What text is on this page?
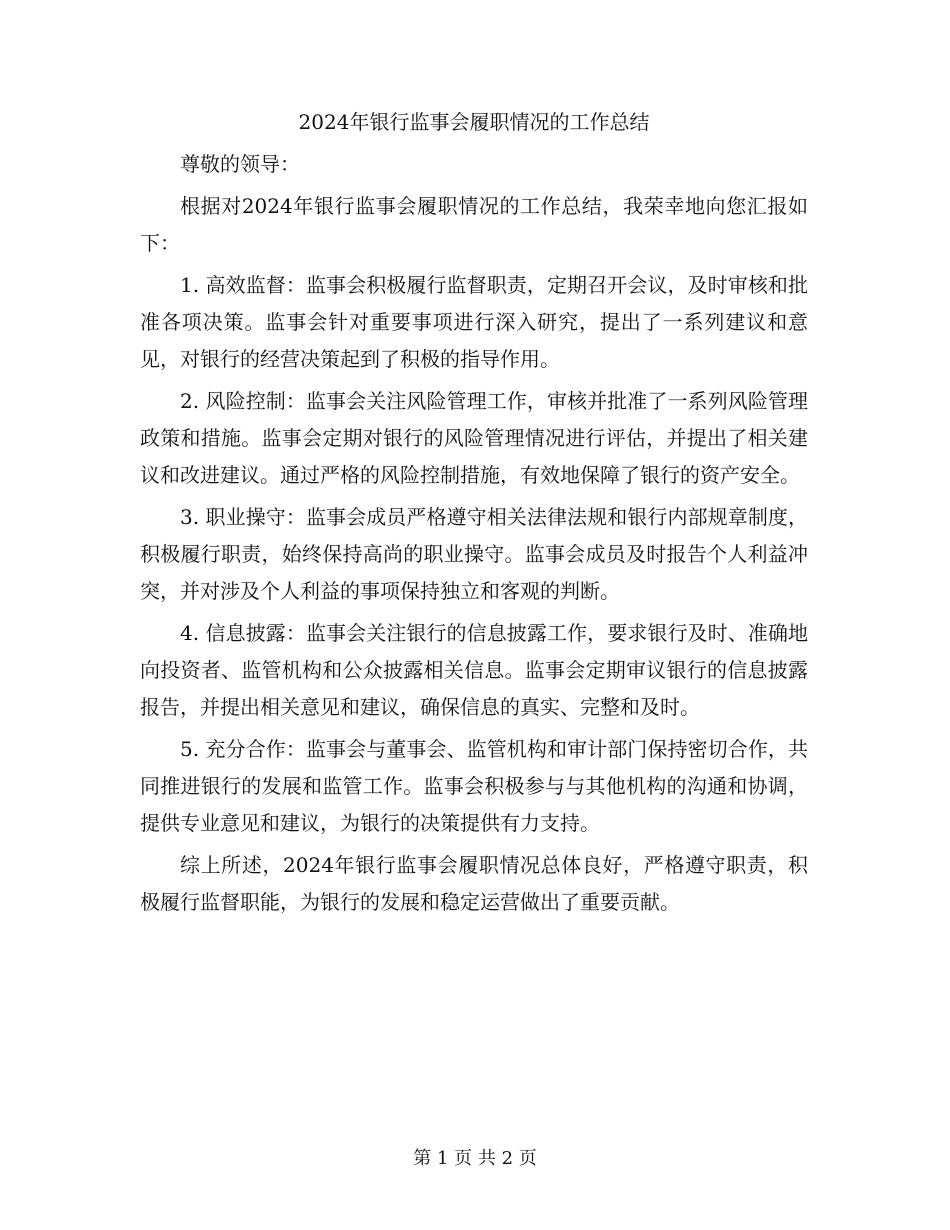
2024年银行监事会履职情况的工作总结

尊敬的领导：

根据对2024年银行监事会履职情况的工作总结，我荣幸地向您汇报如下：

1. 高效监督：监事会积极履行监督职责，定期召开会议，及时审核和批准各项决策。监事会针对重要事项进行深入研究，提出了一系列建议和意见，对银行的经营决策起到了积极的指导作用。

2. 风险控制：监事会关注风险管理工作，审核并批准了一系列风险管理政策和措施。监事会定期对银行的风险管理情况进行评估，并提出了相关建议和改进建议。通过严格的风险控制措施，有效地保障了银行的资产安全。

3. 职业操守：监事会成员严格遵守相关法律法规和银行内部规章制度，积极履行职责，始终保持高尚的职业操守。监事会成员及时报告个人利益冲突，并对涉及个人利益的事项保持独立和客观的判断。

4. 信息披露：监事会关注银行的信息披露工作，要求银行及时、准确地向投资者、监管机构和公众披露相关信息。监事会定期审议银行的信息披露报告，并提出相关意见和建议，确保信息的真实、完整和及时。

5. 充分合作：监事会与董事会、监管机构和审计部门保持密切合作，共同推进银行的发展和监管工作。监事会积极参与与其他机构的沟通和协调，提供专业意见和建议，为银行的决策提供有力支持。

综上所述，2024年银行监事会履职情况总体良好，严格遵守职责，积极履行监督职能，为银行的发展和稳定运营做出了重要贡献。

第 1 页 共 2 页
